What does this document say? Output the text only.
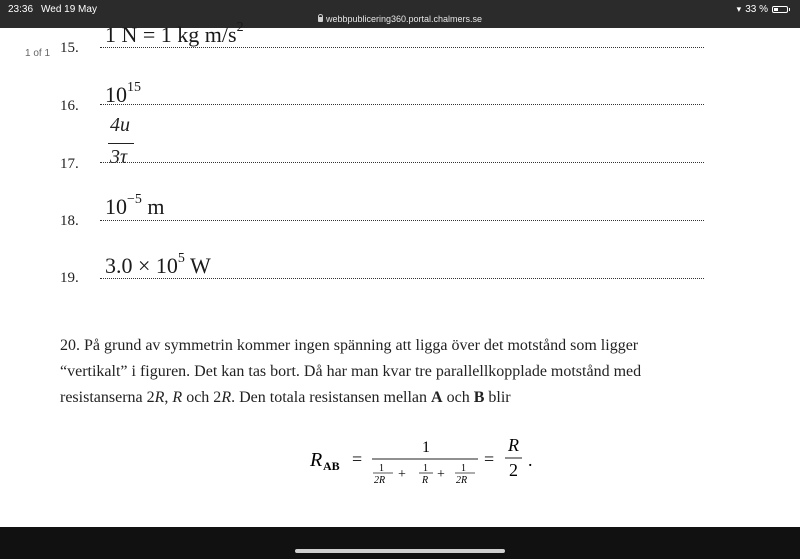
23:36 Wed 19 May
webbpublicering360.portal.chalmers.se
▾ 33 %
1 of 1 15.
1 N = 1 kg $m/s^2$
16. $10^{15}$
17.
4u
3τ
18.
$10^{-5}$ m
19. $3.0 \times 10^5$ W
20. På grund av symmetrin kommer ingen spänning att ligga över det motstånd som ligger
“vertikalt” i figuren. Det kan tas bort. Då har man kvar tre parallellkopplade motstånd med
resistanserna 2R, R och 2R. Den totala resistansen mellan A och B blir
R AB =
1
1
2R + 1
R + 1
2R
=
R
2 .
